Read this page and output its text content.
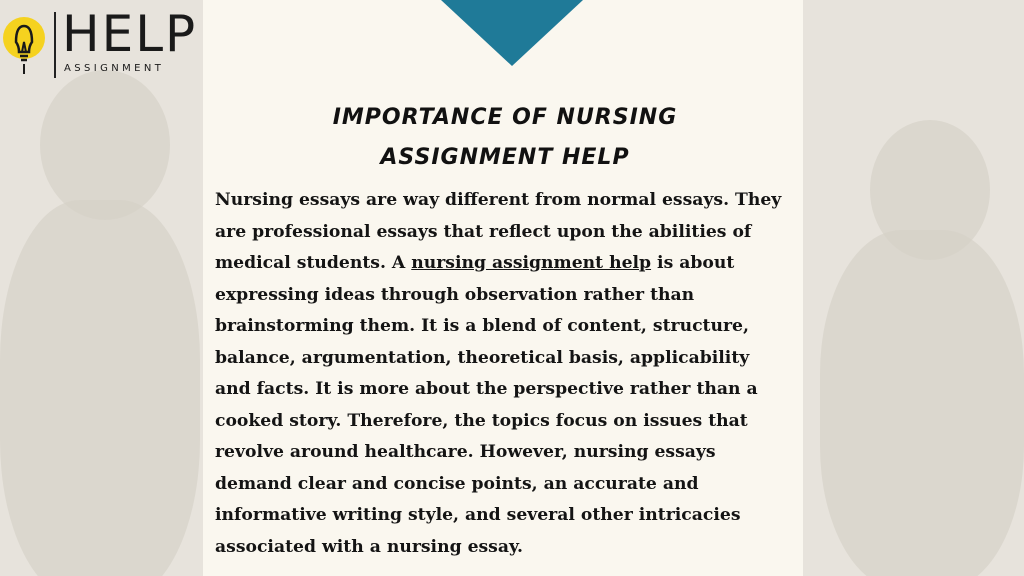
HELP
ASSIGNMENT
IMPORTANCE OF NURSING ASSIGNMENT HELP
Nursing essays are way different from normal essays. They are professional essays that reflect upon the abilities of medical students. A nursing assignment help is about expressing ideas through observation rather than brainstorming them. It is a blend of content, structure, balance, argumentation, theoretical basis, applicability and facts. It is more about the perspective rather than a cooked story. Therefore, the topics focus on issues that revolve around healthcare. However, nursing essays demand clear and concise points, an accurate and informative writing style, and several other intricacies associated with a nursing essay.
